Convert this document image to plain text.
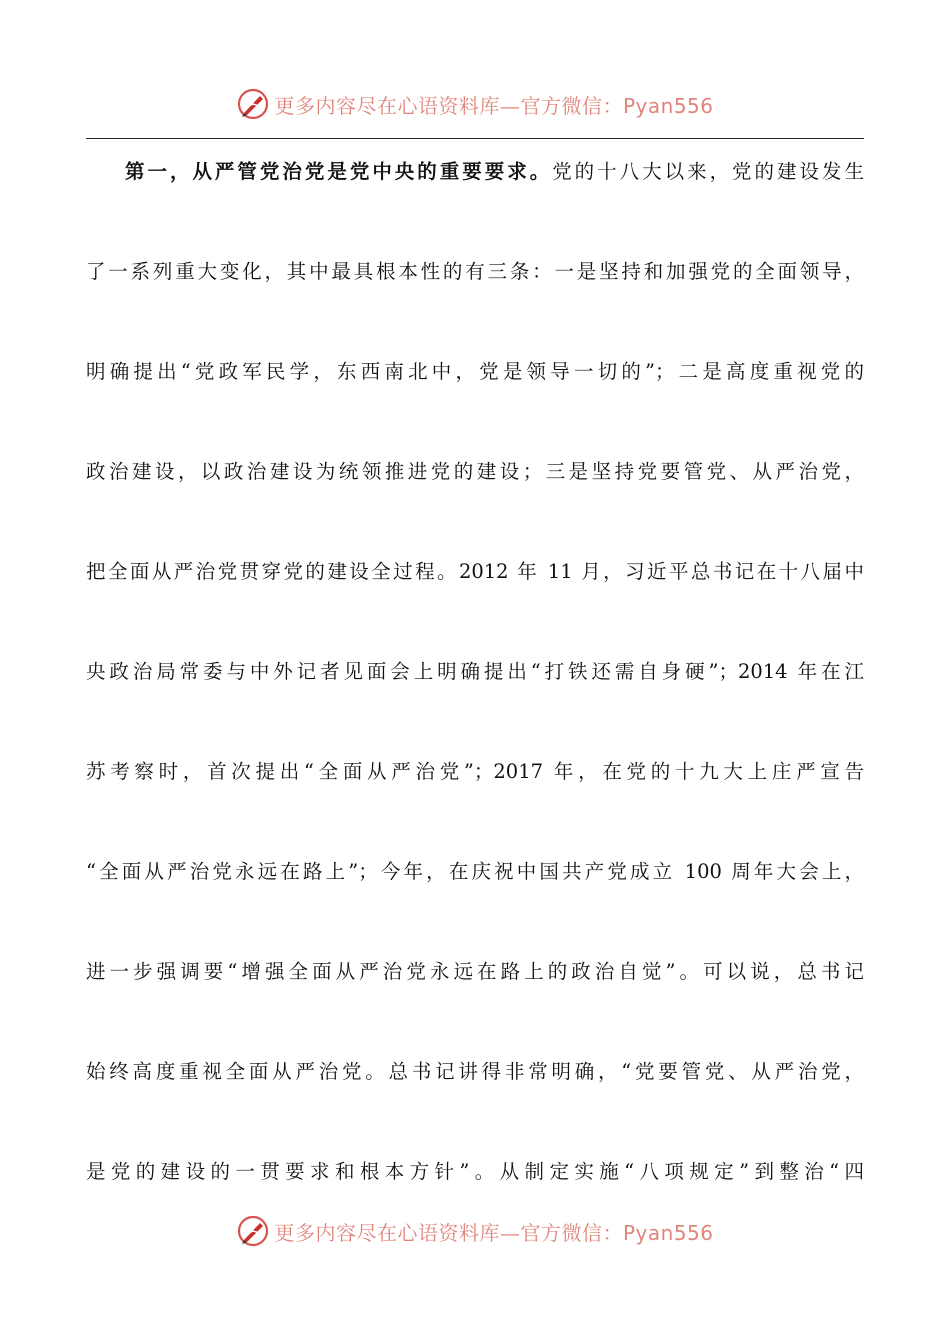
更多内容尽在心语资料库—官方微信：Pyan556
第一，从严管党治党是党中央的重要要求。党的十八大以来，党的建设发生
了一系列重大变化，其中最具根本性的有三条：一是坚持和加强党的全面领导，
明确提出“党政军民学，东西南北中，党是领导一切的”；二是高度重视党的
政治建设，以政治建设为统领推进党的建设；三是坚持党要管党、从严治党，
把全面从严治党贯穿党的建设全过程。2012 年 11 月，习近平总书记在十八届中
央政治局常委与中外记者见面会上明确提出“打铁还需自身硬”；2014 年在江
苏考察时，首次提出“全面从严治党”；2017 年，在党的十九大上庄严宣告
“全面从严治党永远在路上”；今年，在庆祝中国共产党成立 100 周年大会上，
进一步强调要“增强全面从严治党永远在路上的政治自觉”。可以说，总书记
始终高度重视全面从严治党。总书记讲得非常明确，“党要管党、从严治党，
是党的建设的一贯要求和根本方针”。从制定实施“八项规定”到整治“四
更多内容尽在心语资料库—官方微信：Pyan556
